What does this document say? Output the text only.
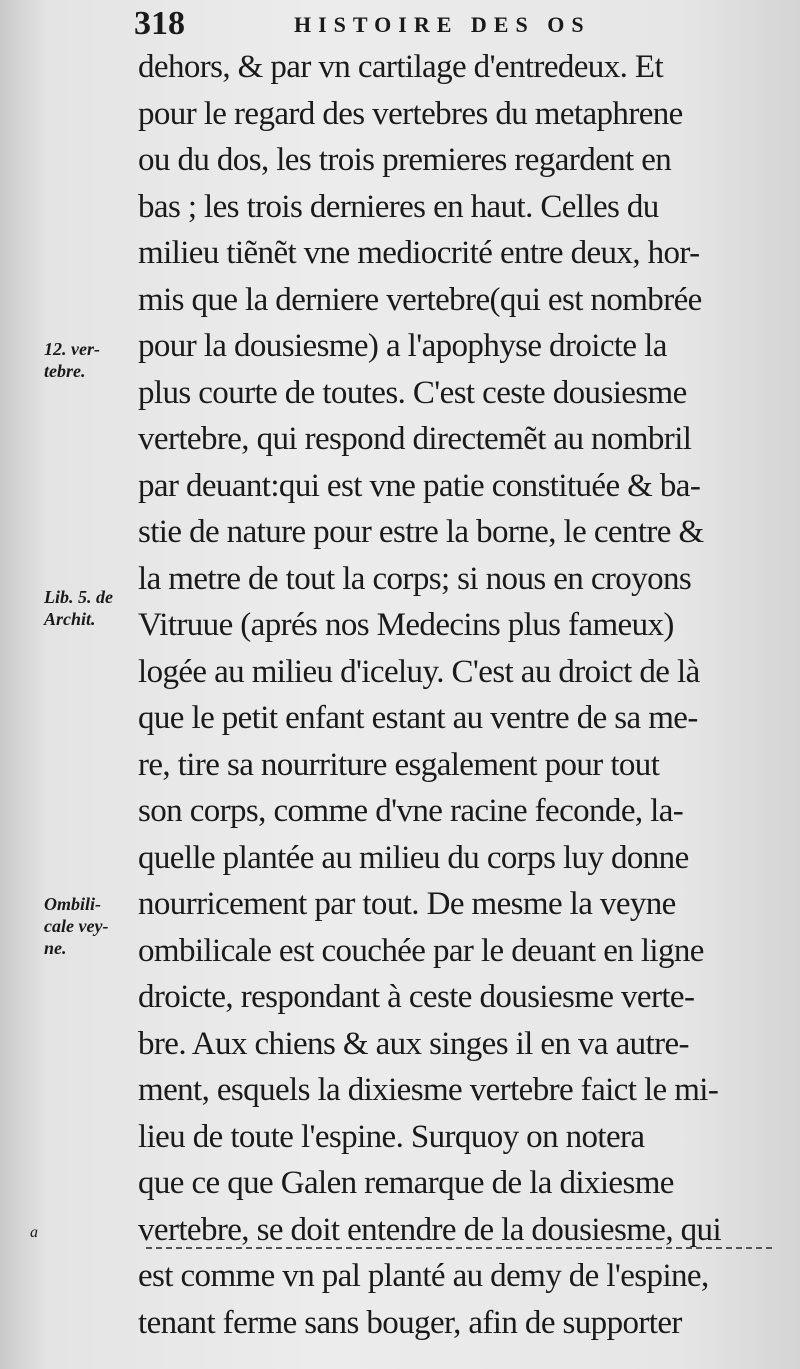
318	HISTOIRE DES OS
dehors, & par vn cartilage d'entredeux. Et
pour le regard des vertebres du metaphrene
ou du dos, les trois premieres regardent en
bas ; les trois dernieres en haut. Celles du
milieu tiẽnẽt vne mediocrité entre deux, hor-
mis que la derniere vertebre(qui est nombrée
pour la dousiesme) a l'apophyse droicte la
plus courte de toutes. C'est ceste dousiesme
vertebre, qui respond directemẽt au nombril
par deuant:qui est vne patie constituée & ba-
stie de nature pour estre la borne, le centre &
la metre de tout la corps; si nous en croyons
Vitruue (aprés nos Medecins plus fameux)
logée au milieu d'iceluy. C'est au droict de là
que le petit enfant estant au ventre de sa me-
re, tire sa nourriture esgalement pour tout
son corps, comme d'vne racine feconde, la-
quelle plantée au milieu du corps luy donne
nourricement par tout. De mesme la veyne
ombilicale est couchée par le deuant en ligne
droicte, respondant à ceste dousiesme verte-
bre. Aux chiens & aux singes il en va autre-
ment, esquels la dixiesme vertebre faict le mi-
lieu de toute l'espine. Surquoy on notera
que ce que Galen remarque de la dixiesme
vertebre, se doit entendre de la dousiesme, qui
est comme vn pal planté au demy de l'espine,
tenant ferme sans bouger, afin de supporter
12. ver-
tebre.
Lib. 5. de
Archit.
Ombili-
cale vey-
ne.
a
